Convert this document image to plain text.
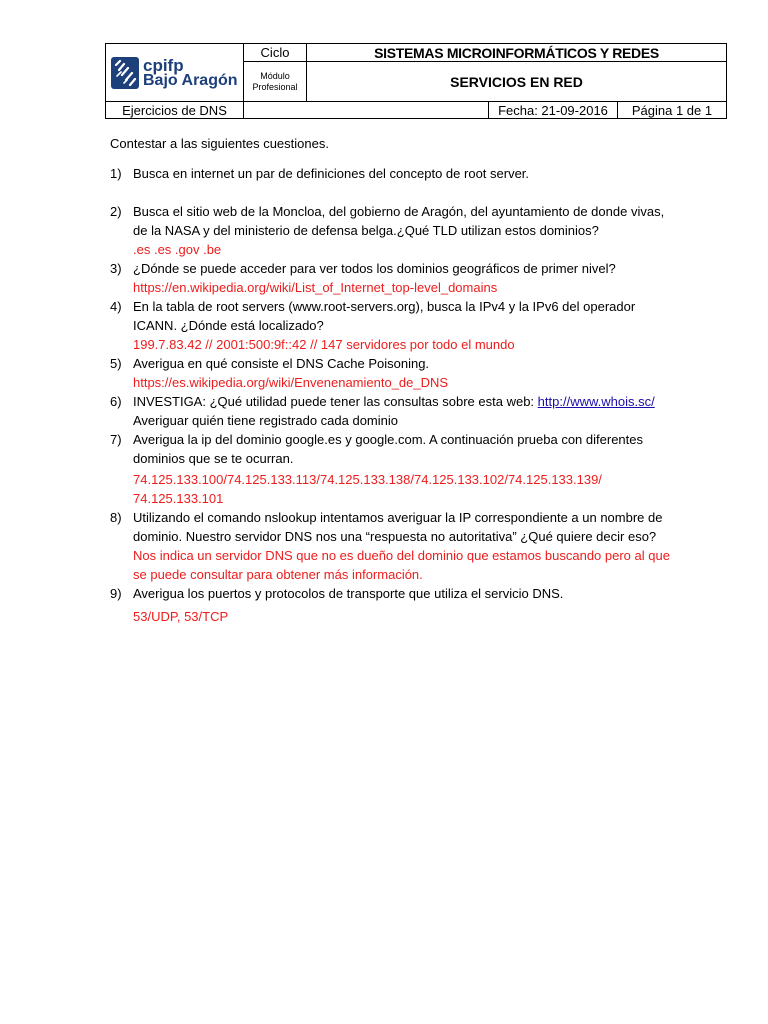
cpifp
Bajo Aragón
Ciclo	SISTEMAS MICROINFORMÁTICOS Y REDES
Módulo Profesional	SERVICIOS EN RED
Ejercicios de DNS	Fecha: 21-09-2016	Página 1 de 1

Contestar a las siguientes cuestiones.

1) Busca en internet un par de definiciones del concepto de root server.
2) Busca el sitio web de la Moncloa, del gobierno de Aragón, del ayuntamiento de donde vivas, de la NASA y del ministerio de defensa belga.¿Qué TLD utilizan estos dominios?
.es .es .gov .be
3) ¿Dónde se puede acceder para ver todos los dominios geográficos de primer nivel?
https://en.wikipedia.org/wiki/List_of_Internet_top-level_domains
4) En la tabla de root servers (www.root-servers.org), busca la IPv4 y la IPv6 del operador ICANN. ¿Dónde está localizado?
199.7.83.42 // 2001:500:9f::42 // 147 servidores por todo el mundo
5) Averigua en qué consiste el DNS Cache Poisoning.
https://es.wikipedia.org/wiki/Envenenamiento_de_DNS
6) INVESTIGA: ¿Qué utilidad puede tener las consultas sobre esta web: http://www.whois.sc/
Averiguar quién tiene registrado cada dominio
7) Averigua la ip del dominio google.es y google.com. A continuación prueba con diferentes dominios que se te ocurran.
74.125.133.100/74.125.133.113/74.125.133.138/74.125.133.102/74.125.133.139/
74.125.133.101
8) Utilizando el comando nslookup intentamos averiguar la IP correspondiente a un nombre de dominio. Nuestro servidor DNS nos una “respuesta no autoritativa” ¿Qué quiere decir eso?
Nos indica un servidor DNS que no es dueño del dominio que estamos buscando pero al que se puede consultar para obtener más información.
9) Averigua los puertos y protocolos de transporte que utiliza el servicio DNS.
53/UDP, 53/TCP
